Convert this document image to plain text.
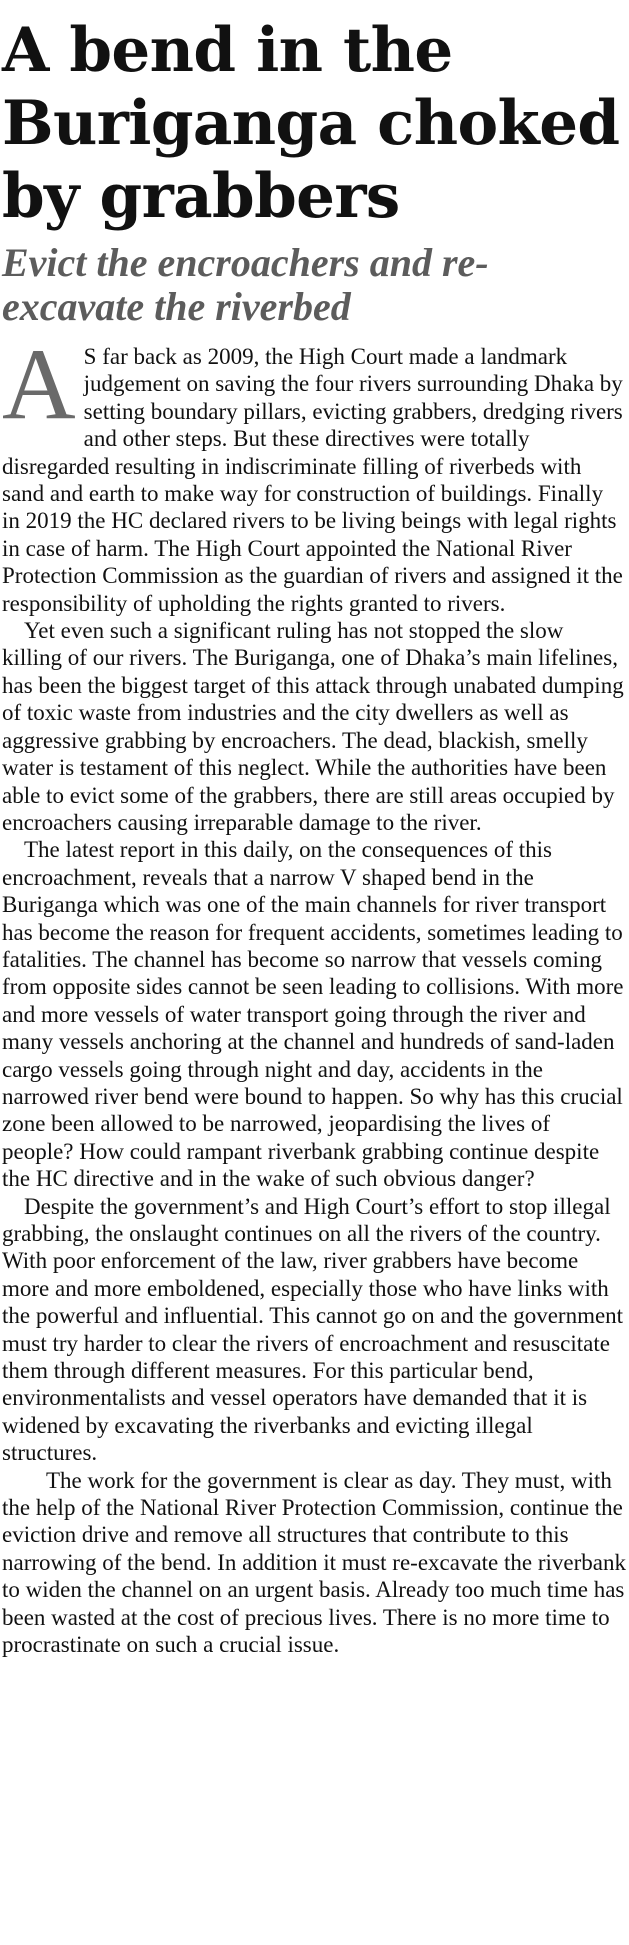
A bend in the Buriganga choked by grabbers
Evict the encroachers and re-excavate the riverbed

A S far back as 2009, the High Court made a landmark judgement on saving the four rivers surrounding Dhaka by setting boundary pillars, evicting grabbers, dredging rivers and other steps. But these directives were totally disregarded resulting in indiscriminate filling of riverbeds with sand and earth to make way for construction of buildings. Finally in 2019 the HC declared rivers to be living beings with legal rights in case of harm. The High Court appointed the National River Protection Commission as the guardian of rivers and assigned it the responsibility of upholding the rights granted to rivers.

Yet even such a significant ruling has not stopped the slow killing of our rivers. The Buriganga, one of Dhaka’s main lifelines, has been the biggest target of this attack through unabated dumping of toxic waste from industries and the city dwellers as well as aggressive grabbing by encroachers. The dead, blackish, smelly water is testament of this neglect. While the authorities have been able to evict some of the grabbers, there are still areas occupied by encroachers causing irreparable damage to the river.

The latest report in this daily, on the consequences of this encroachment, reveals that a narrow V shaped bend in the Buriganga which was one of the main channels for river transport has become the reason for frequent accidents, sometimes leading to fatalities. The channel has become so narrow that vessels coming from opposite sides cannot be seen leading to collisions. With more and more vessels of water transport going through the river and many vessels anchoring at the channel and hundreds of sand-laden cargo vessels going through night and day, accidents in the narrowed river bend were bound to happen. So why has this crucial zone been allowed to be narrowed, jeopardising the lives of people? How could rampant riverbank grabbing continue despite the HC directive and in the wake of such obvious danger?

Despite the government’s and High Court’s effort to stop illegal grabbing, the onslaught continues on all the rivers of the country. With poor enforcement of the law, river grabbers have become more and more emboldened, especially those who have links with the powerful and influential. This cannot go on and the government must try harder to clear the rivers of encroachment and resuscitate them through different measures. For this particular bend, environmentalists and vessel operators have demanded that it is widened by excavating the riverbanks and evicting illegal structures.

The work for the government is clear as day. They must, with the help of the National River Protection Commission, continue the eviction drive and remove all structures that contribute to this narrowing of the bend. In addition it must re-excavate the riverbank to widen the channel on an urgent basis. Already too much time has been wasted at the cost of precious lives. There is no more time to procrastinate on such a crucial issue.
